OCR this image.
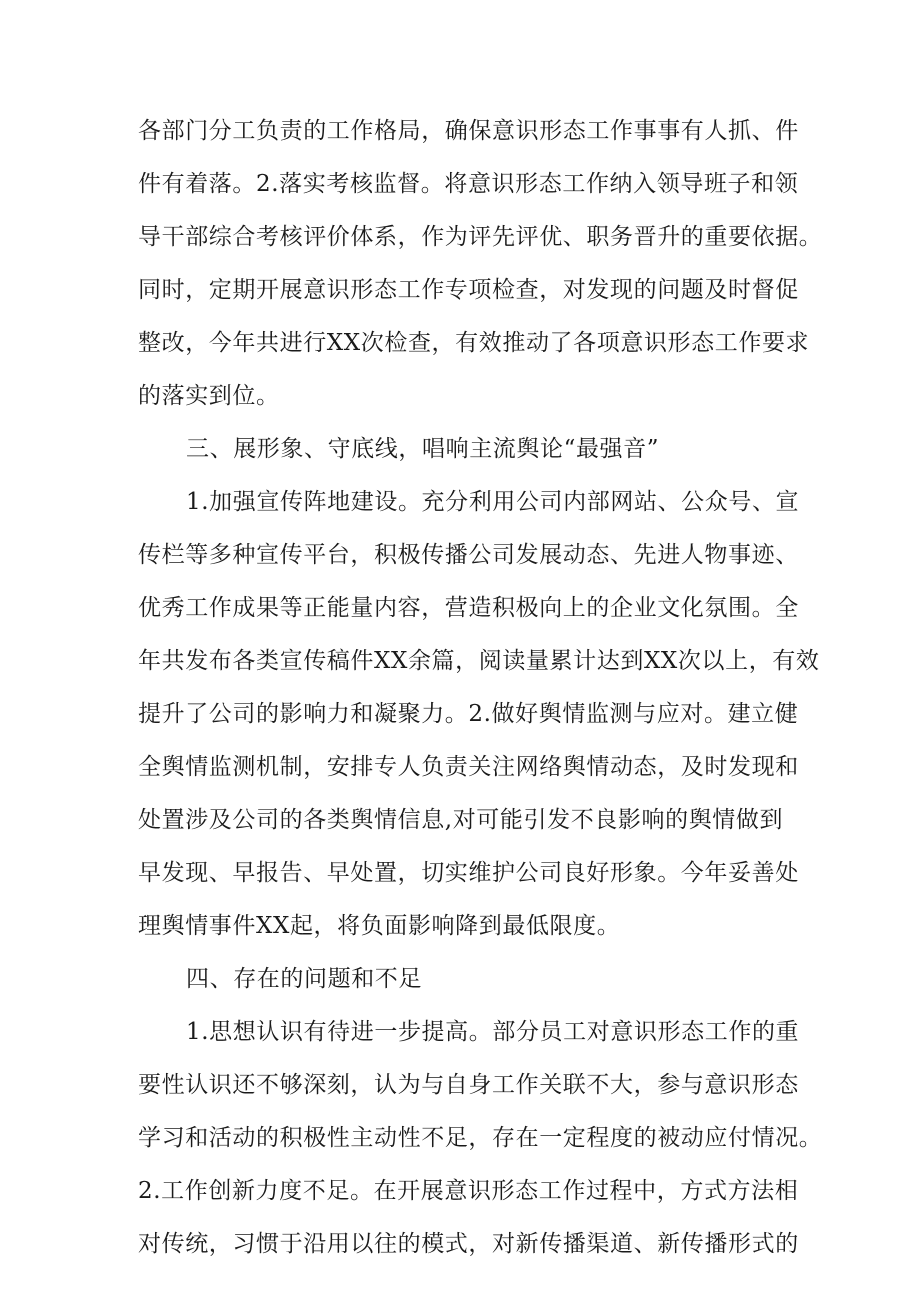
各部门分工负责的工作格局，确保意识形态工作事事有人抓、件
件有着落。2.落实考核监督。将意识形态工作纳入领导班子和领
导干部综合考核评价体系，作为评先评优、职务晋升的重要依据。
同时，定期开展意识形态工作专项检查，对发现的问题及时督促
整改，今年共进行XX次检查，有效推动了各项意识形态工作要求
的落实到位。
三、展形象、守底线，唱响主流舆论“最强音”
1.加强宣传阵地建设。充分利用公司内部网站、公众号、宣
传栏等多种宣传平台，积极传播公司发展动态、先进人物事迹、
优秀工作成果等正能量内容，营造积极向上的企业文化氛围。全
年共发布各类宣传稿件XX余篇，阅读量累计达到XX次以上，有效
提升了公司的影响力和凝聚力。2.做好舆情监测与应对。建立健
全舆情监测机制，安排专人负责关注网络舆情动态，及时发现和
处置涉及公司的各类舆情信息,对可能引发不良影响的舆情做到
早发现、早报告、早处置，切实维护公司良好形象。今年妥善处
理舆情事件XX起，将负面影响降到最低限度。
四、存在的问题和不足
1.思想认识有待进一步提高。部分员工对意识形态工作的重
要性认识还不够深刻，认为与自身工作关联不大，参与意识形态
学习和活动的积极性主动性不足，存在一定程度的被动应付情况。
2.工作创新力度不足。在开展意识形态工作过程中，方式方法相
对传统，习惯于沿用以往的模式，对新传播渠道、新传播形式的
